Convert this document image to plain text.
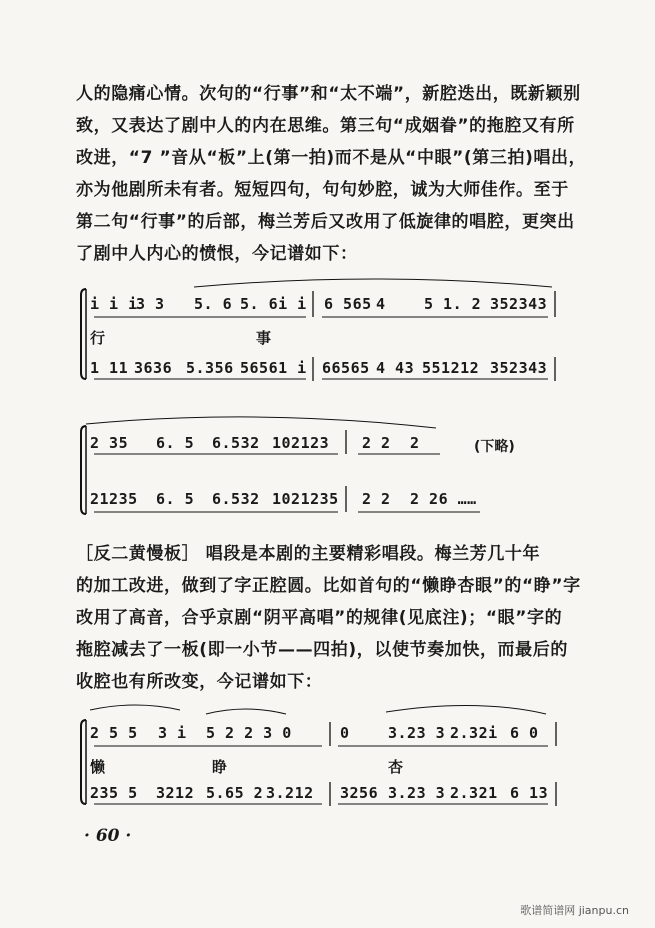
人的隐痛心情。次句的“行事”和“太不端”，新腔迭出，既新颖别
致，又表达了剧中人的内在思维。第三句“成姻眷”的拖腔又有所
改进，“7 ”音从“板”上(第一拍)而不是从“中眼”(第三拍)唱出，
亦为他剧所未有者。短短四句，句句妙腔，诚为大师佳作。至于
第二句“行事”的后部，梅兰芳后又改用了低旋律的唱腔，更突出
了剧中人内心的愤恨，今记谱如下：
i i i
3 3 5. 6 5. 6i i 6 565 4	5 1. 2 352343
行	事
1 11 3636 5.356 56561 i 66565 4 43 551212 352343
2 35 6. 5 6.532 102123 2 2 2	(下略)
21235 6. 5 6.532 1021235 2 2 2 26 ……
［反二黄慢板］ 唱段是本剧的主要精彩唱段。梅兰芳几十年
的加工改进，做到了字正腔圆。比如首句的“懒睁杏眼”的“睁”字
改用了高音，合乎京剧“阴平高唱”的规律(见底注)；“眼”字的
拖腔减去了一板(即一小节——四拍)，以使节奏加快，而最后的
收腔也有所改变，今记谱如下：
2 5 5 3 i 5 2 2 3 0	0	3.23 3 2.32i 6 0
懒	睁	杏
235 5 3212 5.65 2 3.212 3256 3.23 3 2.321 6 13
· 60 ·
歌谱简谱网 jianpu.cn
